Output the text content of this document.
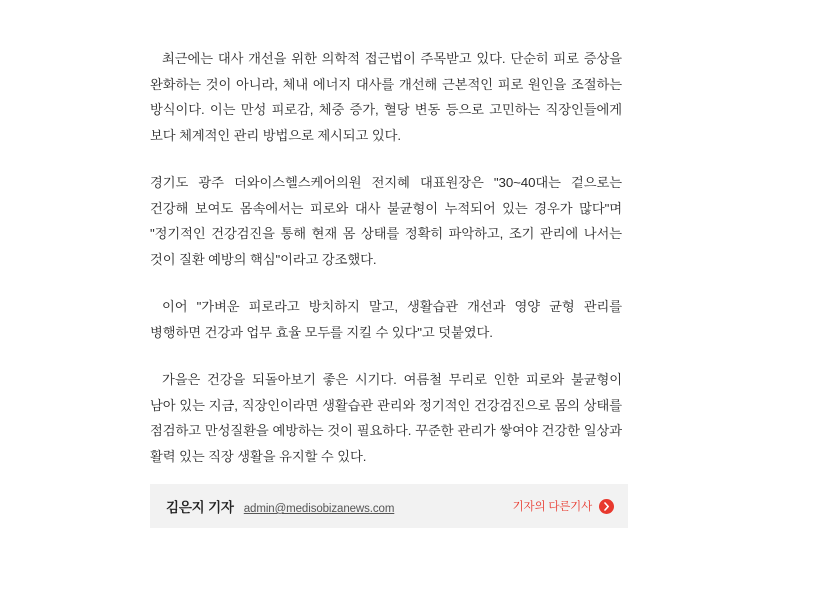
최근에는 대사 개선을 위한 의학적 접근법이 주목받고 있다. 단순히 피로 증상을 완화하는 것이 아니라, 체내 에너지 대사를 개선해 근본적인 피로 원인을 조절하는 방식이다. 이는 만성 피로감, 체중 증가, 혈당 변동 등으로 고민하는 직장인들에게 보다 체계적인 관리 방법으로 제시되고 있다.

경기도 광주 더와이스헬스케어의원 전지혜 대표원장은 "30~40대는 겉으로는 건강해 보여도 몸속에서는 피로와 대사 불균형이 누적되어 있는 경우가 많다"며 "정기적인 건강검진을 통해 현재 몸 상태를 정확히 파악하고, 조기 관리에 나서는 것이 질환 예방의 핵심"이라고 강조했다.

이어 "가벼운 피로라고 방치하지 말고, 생활습관 개선과 영양 균형 관리를 병행하면 건강과 업무 효율 모두를 지킬 수 있다"고 덧붙였다.

가을은 건강을 되돌아보기 좋은 시기다. 여름철 무리로 인한 피로와 불균형이 남아 있는 지금, 직장인이라면 생활습관 관리와 정기적인 건강검진으로 몸의 상태를 점검하고 만성질환을 예방하는 것이 필요하다. 꾸준한 관리가 쌓여야 건강한 일상과 활력 있는 직장 생활을 유지할 수 있다.

김은지 기자 admin@medisobizanews.com	기자의 다른기사
